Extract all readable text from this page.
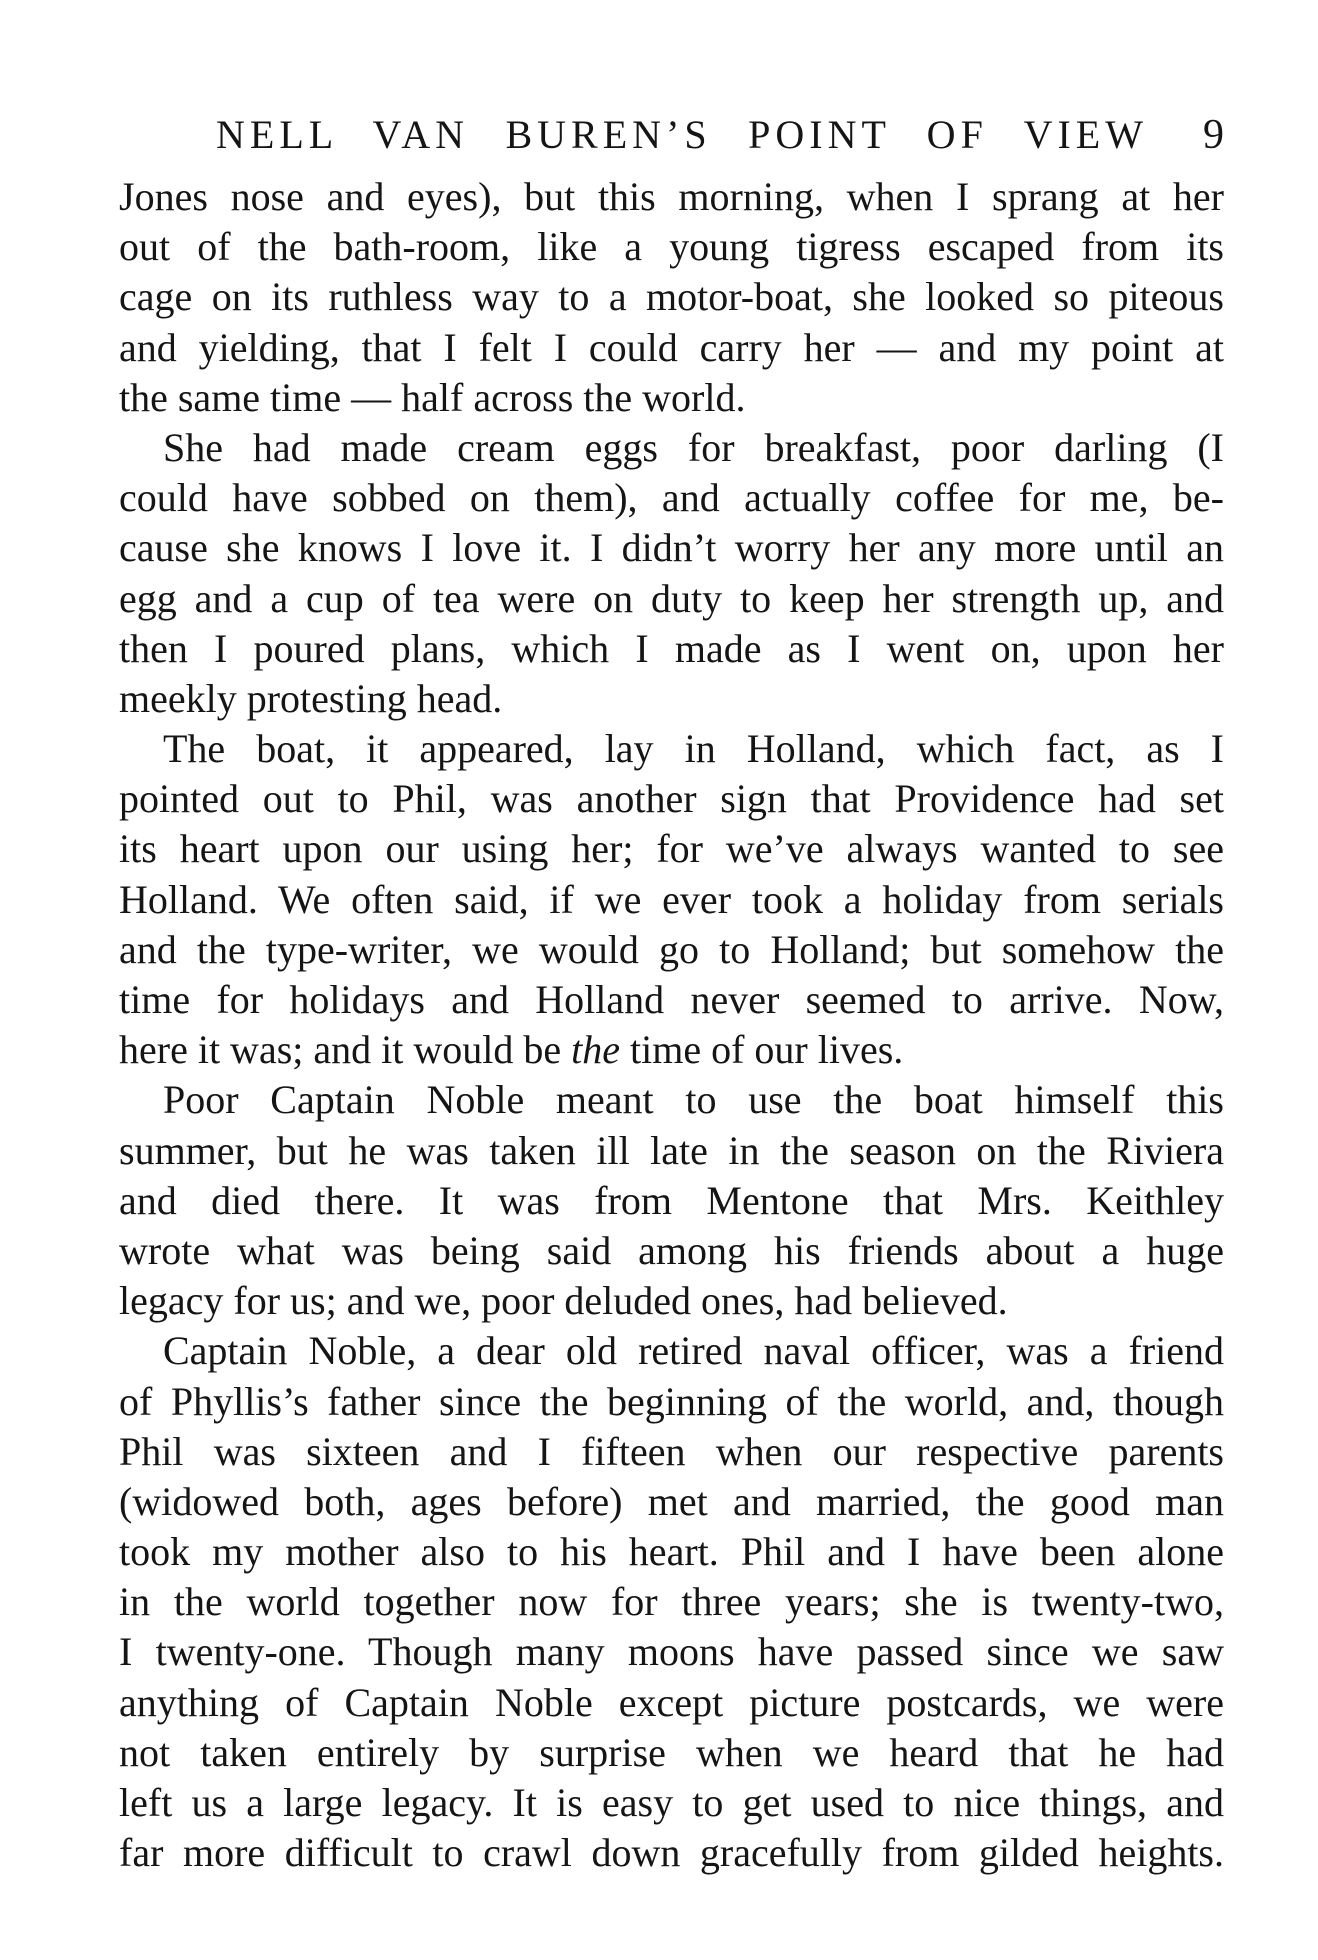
NELL VAN BUREN’S POINT OF VIEW	9
Jones nose and eyes), but this morning, when I sprang at her
out of the bath-room, like a young tigress escaped from its
cage on its ruthless way to a motor-boat, she looked so piteous
and yielding, that I felt I could carry her — and my point at
the same time — half across the world.
She had made cream eggs for breakfast, poor darling (I
could have sobbed on them), and actually coffee for me, be-
cause she knows I love it. I didn’t worry her any more until an
egg and a cup of tea were on duty to keep her strength up, and
then I poured plans, which I made as I went on, upon her
meekly protesting head.
The boat, it appeared, lay in Holland, which fact, as I
pointed out to Phil, was another sign that Providence had set
its heart upon our using her; for we’ve always wanted to see
Holland. We often said, if we ever took a holiday from serials
and the type-writer, we would go to Holland; but somehow the
time for holidays and Holland never seemed to arrive. Now,
here it was; and it would be the time of our lives.
Poor Captain Noble meant to use the boat himself this
summer, but he was taken ill late in the season on the Riviera
and died there. It was from Mentone that Mrs. Keithley
wrote what was being said among his friends about a huge
legacy for us; and we, poor deluded ones, had believed.
Captain Noble, a dear old retired naval officer, was a friend
of Phyllis’s father since the beginning of the world, and, though
Phil was sixteen and I fifteen when our respective parents
(widowed both, ages before) met and married, the good man
took my mother also to his heart. Phil and I have been alone
in the world together now for three years; she is twenty-two,
I twenty-one. Though many moons have passed since we saw
anything of Captain Noble except picture postcards, we were
not taken entirely by surprise when we heard that he had
left us a large legacy. It is easy to get used to nice things, and
far more difficult to crawl down gracefully from gilded heights.
